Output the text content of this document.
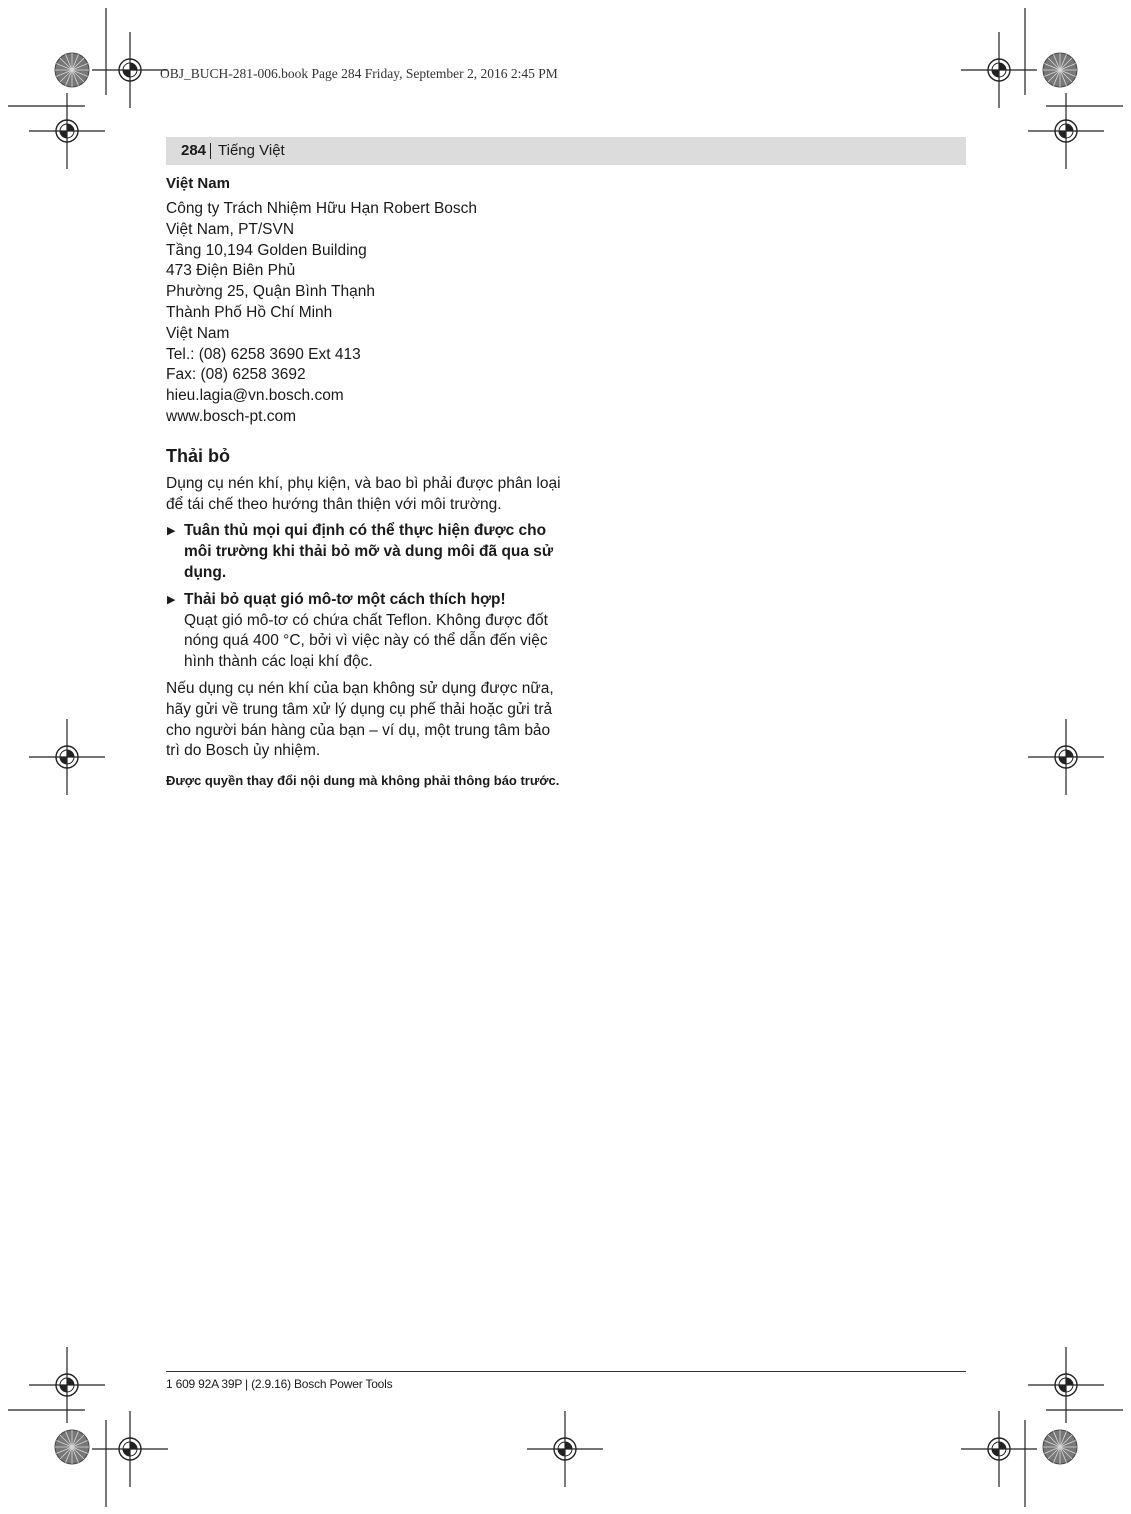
OBJ_BUCH-281-006.book Page 284 Friday, September 2, 2016 2:45 PM
284 Tiếng Việt
Việt Nam
Công ty Trách Nhiệm Hữu Hạn Robert Bosch
Việt Nam, PT/SVN
Tầng 10,194 Golden Building
473 Điện Biên Phủ
Phường 25, Quận Bình Thạnh
Thành Phố Hồ Chí Minh
Việt Nam
Tel.: (08) 6258 3690 Ext 413
Fax: (08) 6258 3692
hieu.lagia@vn.bosch.com
www.bosch-pt.com
Thải bỏ

Dụng cụ nén khí, phụ kiện, và bao bì phải được phân loại để tái chế theo hướng thân thiện với môi trường.

▶ Tuân thủ mọi qui định có thể thực hiện được cho môi trường khi thải bỏ mỡ và dung môi đã qua sử dụng.
▶ Thải bỏ quạt gió mô-tơ một cách thích hợp!
Quạt gió mô-tơ có chứa chất Teflon. Không được đốt nóng quá 400 °C, bởi vì việc này có thể dẫn đến việc hình thành các loại khí độc.

Nếu dụng cụ nén khí của bạn không sử dụng được nữa, hãy gửi về trung tâm xử lý dụng cụ phế thải hoặc gửi trả cho người bán hàng của bạn – ví dụ, một trung tâm bảo trì do Bosch ủy nhiệm.

Được quyền thay đổi nội dung mà không phải thông báo trước.
1 609 92A 39P | (2.9.16) Bosch Power Tools
